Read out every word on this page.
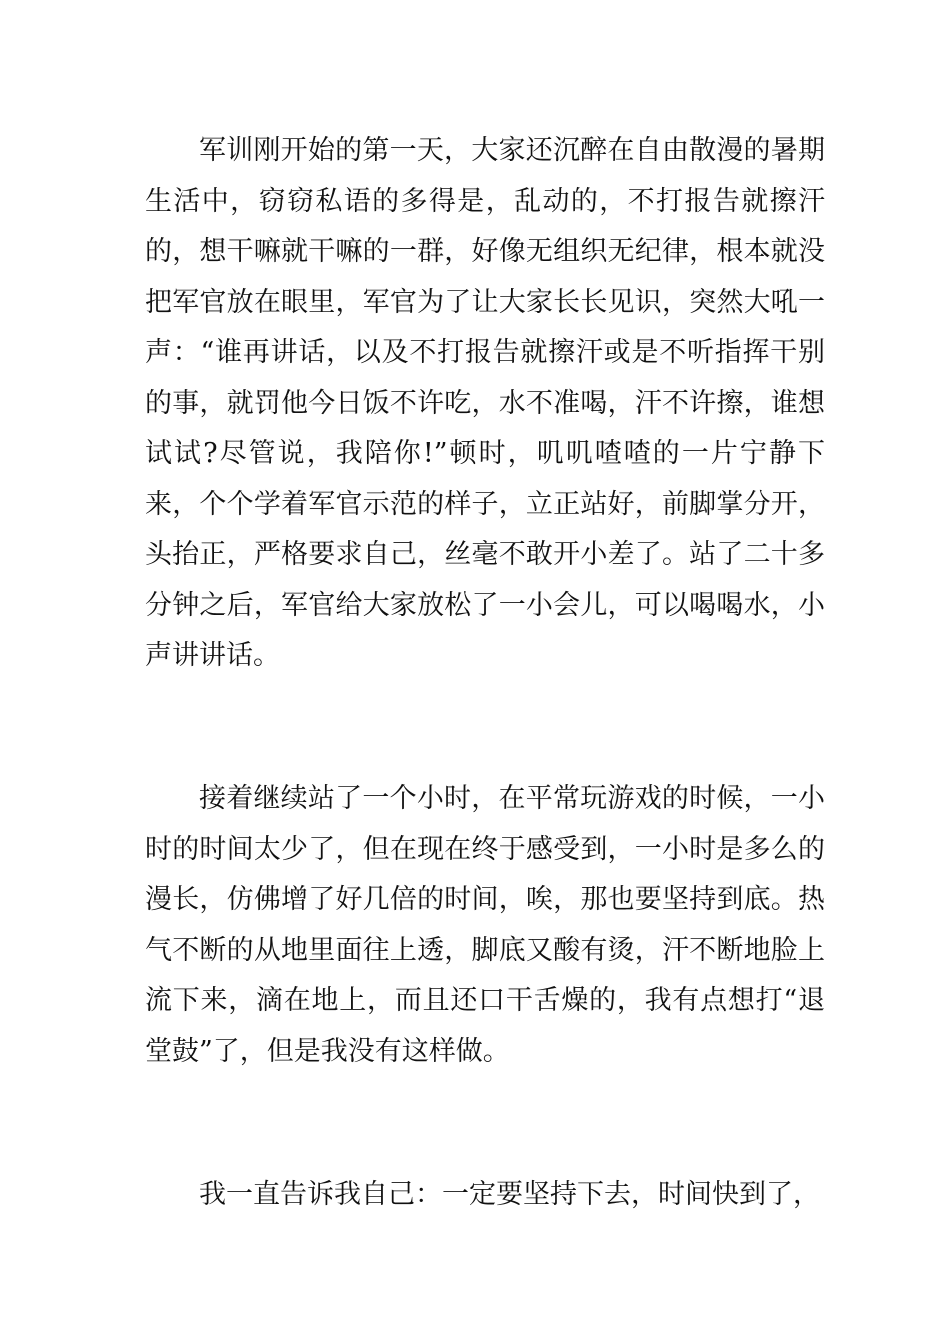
军训刚开始的第一天，大家还沉醉在自由散漫的暑期生活中，窃窃私语的多得是，乱动的，不打报告就擦汗的，想干嘛就干嘛的一群，好像无组织无纪律，根本就没把军官放在眼里，军官为了让大家长长见识，突然大吼一声：“谁再讲话，以及不打报告就擦汗或是不听指挥干别的事，就罚他今日饭不许吃，水不准喝，汗不许擦，谁想试试?尽管说，我陪你!”顿时，叽叽喳喳的一片宁静下来，个个学着军官示范的样子，立正站好，前脚掌分开，头抬正，严格要求自己，丝毫不敢开小差了。站了二十多分钟之后，军官给大家放松了一小会儿，可以喝喝水，小声讲讲话。

接着继续站了一个小时，在平常玩游戏的时候，一小时的时间太少了，但在现在终于感受到，一小时是多么的漫长，仿佛增了好几倍的时间，唉，那也要坚持到底。热气不断的从地里面往上透，脚底又酸有烫，汗不断地脸上流下来，滴在地上，而且还口干舌燥的，我有点想打“退堂鼓”了，但是我没有这样做。

我一直告诉我自己：一定要坚持下去，时间快到了，
